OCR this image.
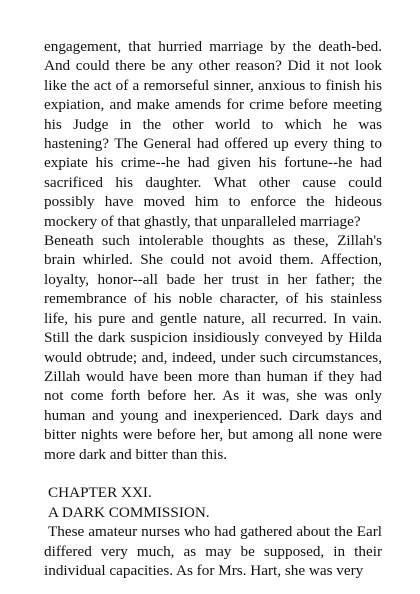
engagement, that hurried marriage by the death-bed. And could there be any other reason? Did it not look like the act of a remorseful sinner, anxious to finish his expiation, and make amends for crime before meeting his Judge in the other world to which he was hastening? The General had offered up every thing to expiate his crime--he had given his fortune--he had sacrificed his daughter. What other cause could possibly have moved him to enforce the hideous mockery of that ghastly, that unparalleled marriage?

Beneath such intolerable thoughts as these, Zillah's brain whirled. She could not avoid them. Affection, loyalty, honor--all bade her trust in her father; the remembrance of his noble character, of his stainless life, his pure and gentle nature, all recurred. In vain. Still the dark suspicion insidiously conveyed by Hilda would obtrude; and, indeed, under such circumstances, Zillah would have been more than human if they had not come forth before her. As it was, she was only human and young and inexperienced. Dark days and bitter nights were before her, but among all none were more dark and bitter than this.

CHAPTER XXI.

A DARK COMMISSION.

These amateur nurses who had gathered about the Earl differed very much, as may be supposed, in their individual capacities. As for Mrs. Hart, she was very
